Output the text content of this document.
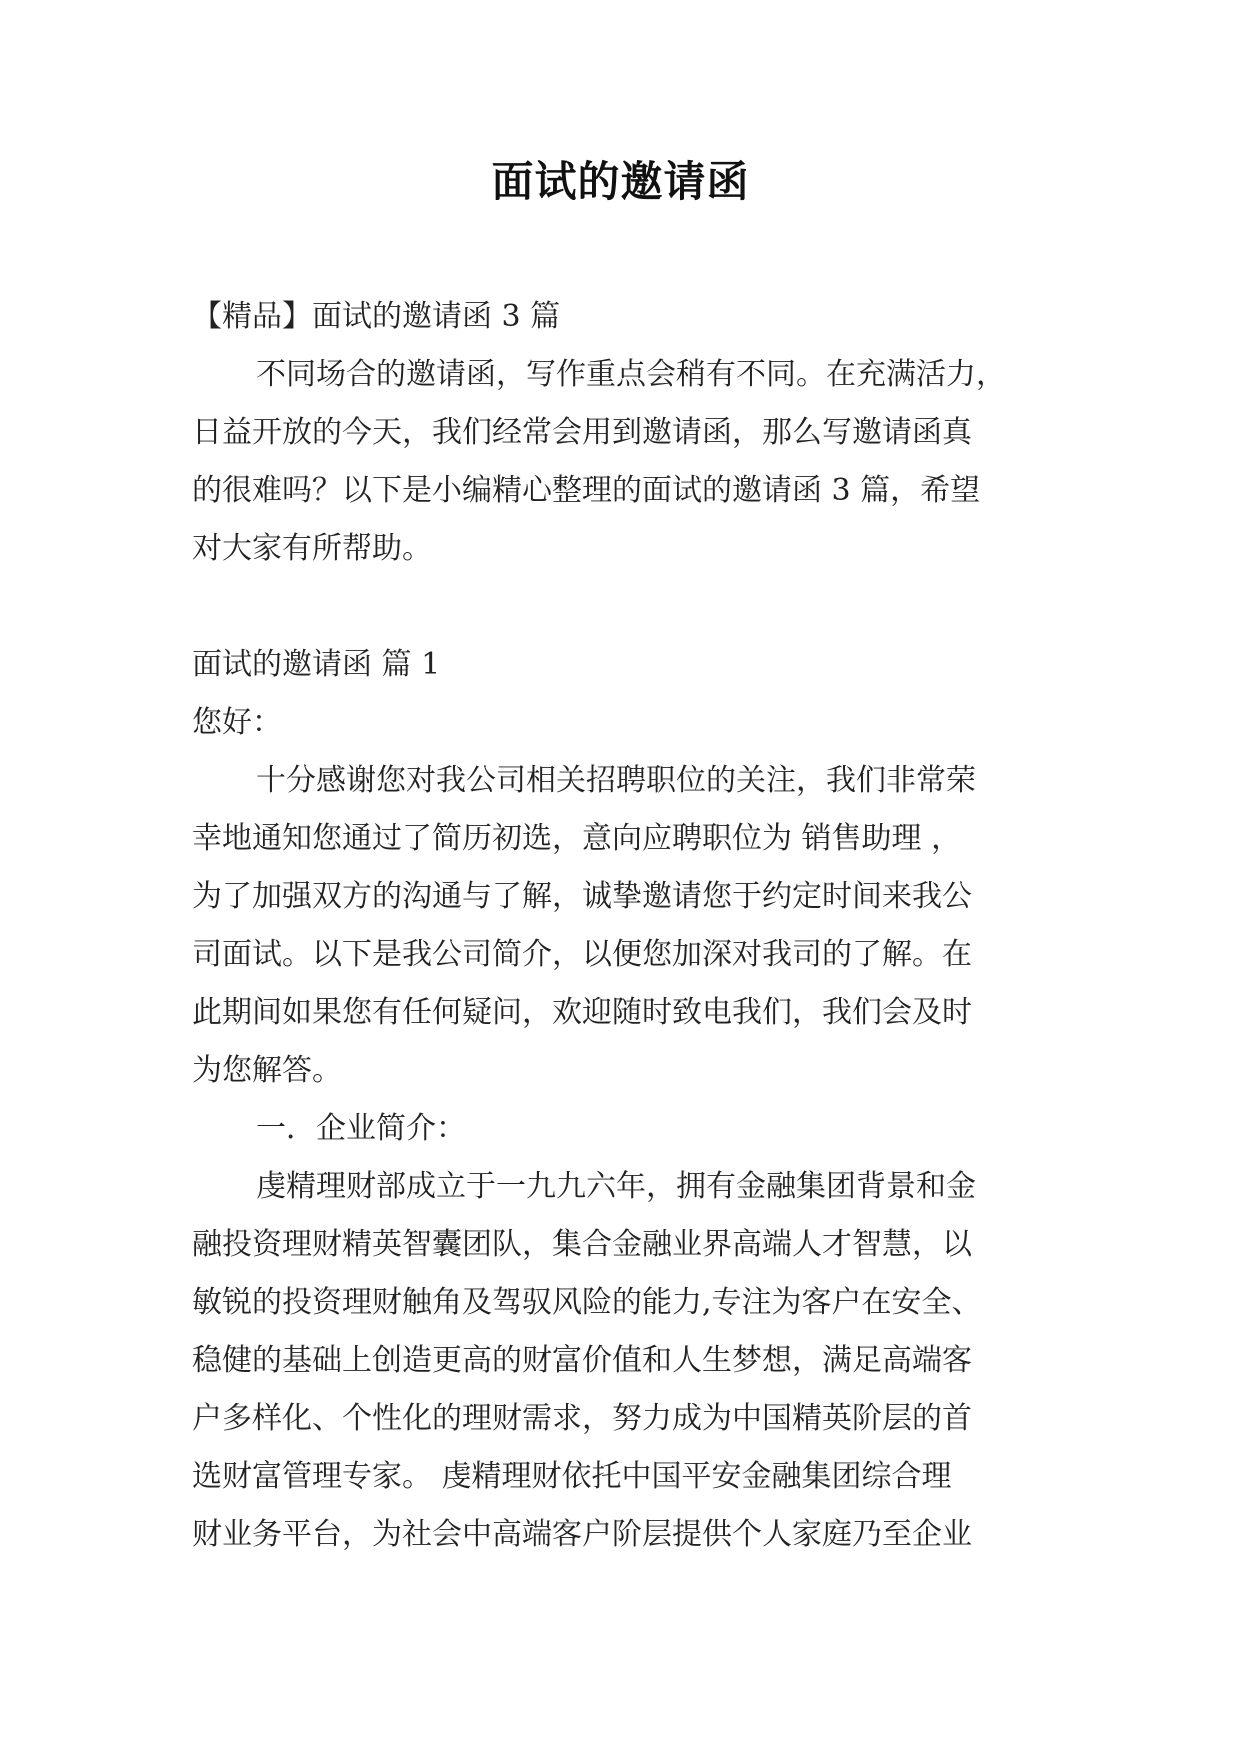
面试的邀请函
【精品】面试的邀请函 3 篇
不同场合的邀请函，写作重点会稍有不同。在充满活力，
日益开放的今天，我们经常会用到邀请函，那么写邀请函真
的很难吗？以下是小编精心整理的面试的邀请函 3 篇，希望
对大家有所帮助。
面试的邀请函 篇 1
您好：
十分感谢您对我公司相关招聘职位的关注，我们非常荣
幸地通知您通过了简历初选，意向应聘职位为 销售助理 ，
为了加强双方的沟通与了解，诚挚邀请您于约定时间来我公
司面试。以下是我公司简介，以便您加深对我司的了解。在
此期间如果您有任何疑问，欢迎随时致电我们，我们会及时
为您解答。
一．企业简介：
虔精理财部成立于一九九六年，拥有金融集团背景和金
融投资理财精英智囊团队，集合金融业界高端人才智慧，以
敏锐的投资理财触角及驾驭风险的能力,专注为客户在安全、
稳健的基础上创造更高的财富价值和人生梦想，满足高端客
户多样化、个性化的理财需求，努力成为中国精英阶层的首
选财富管理专家。 虔精理财依托中国平安金融集团综合理
财业务平台，为社会中高端客户阶层提供个人家庭乃至企业
